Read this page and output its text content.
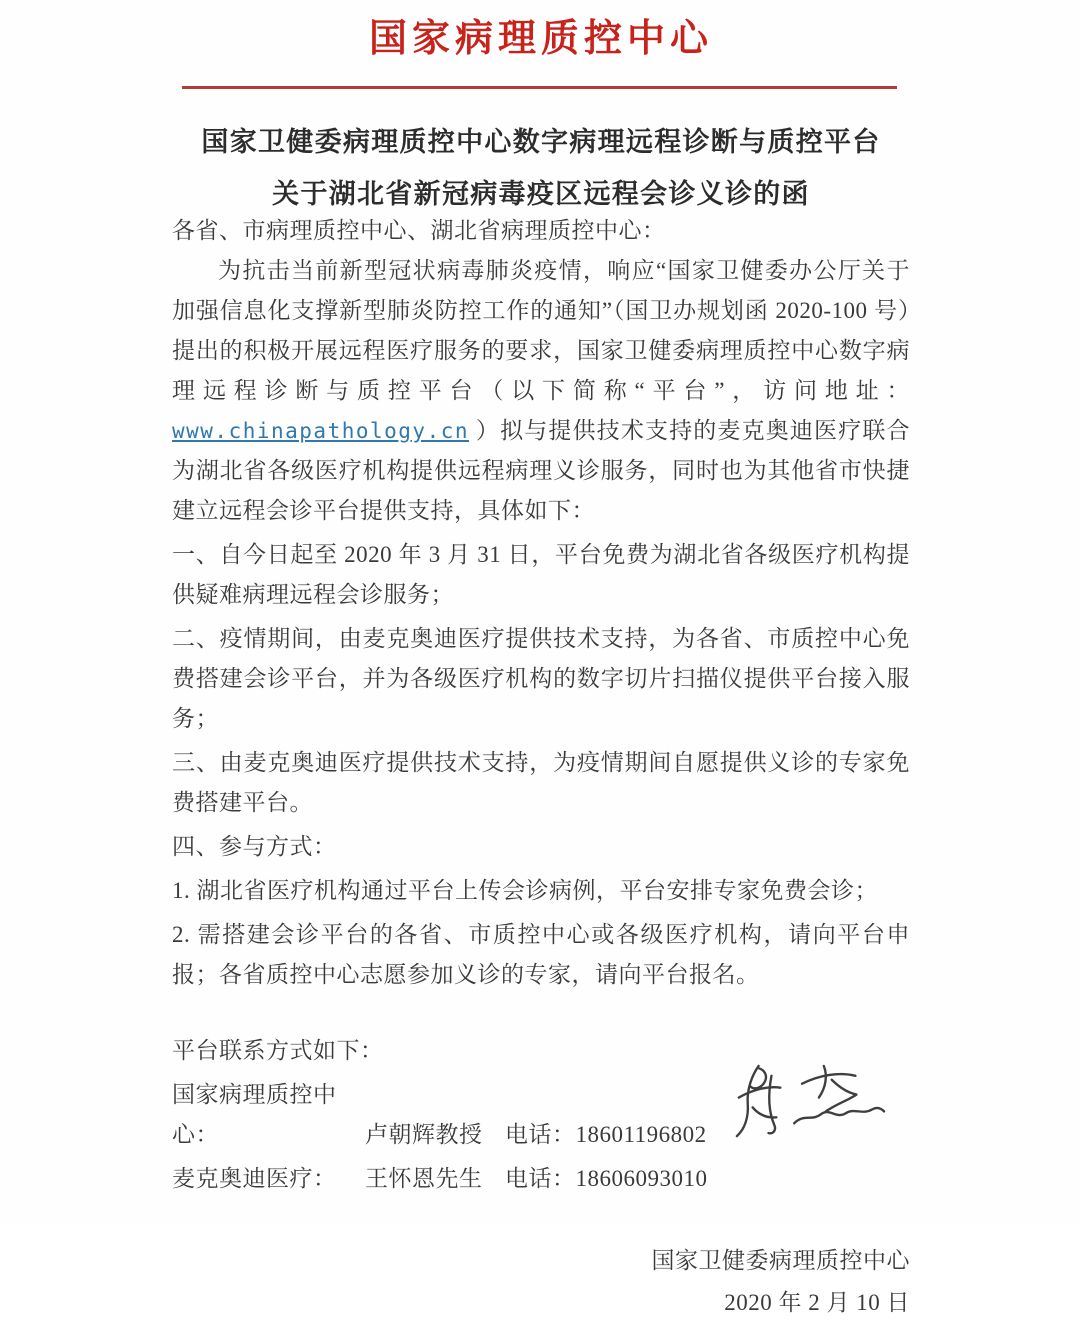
国家病理质控中心
国家卫健委病理质控中心数字病理远程诊断与质控平台
关于湖北省新冠病毒疫区远程会诊义诊的函

各省、市病理质控中心、湖北省病理质控中心：

为抗击当前新型冠状病毒肺炎疫情，响应“国家卫健委办公厅关于加强信息化支撑新型肺炎防控工作的通知”（国卫办规划函 2020-100 号）提出的积极开展远程医疗服务的要求，国家卫健委病理质控中心数字病理远程诊断与质控平台（以下简称“平台”，访问地址：www.chinapathology.cn ）拟与提供技术支持的麦克奥迪医疗联合为湖北省各级医疗机构提供远程病理义诊服务，同时也为其他省市快捷建立远程会诊平台提供支持，具体如下：

一、自今日起至 2020 年 3 月 31 日，平台免费为湖北省各级医疗机构提供疑难病理远程会诊服务；

二、疫情期间，由麦克奥迪医疗提供技术支持，为各省、市质控中心免费搭建会诊平台，并为各级医疗机构的数字切片扫描仪提供平台接入服务；

三、由麦克奥迪医疗提供技术支持，为疫情期间自愿提供义诊的专家免费搭建平台。

四、参与方式：

1. 湖北省医疗机构通过平台上传会诊病例，平台安排专家免费会诊；

2. 需搭建会诊平台的各省、市质控中心或各级医疗机构，请向平台申报；各省质控中心志愿参加义诊的专家，请向平台报名。

平台联系方式如下：

国家病理质控中心：	卢朝辉教授 电话：18601196802
麦克奥迪医疗： 王怀恩先生 电话：18606093010
国家卫健委病理质控中心
2020 年 2 月 10 日
